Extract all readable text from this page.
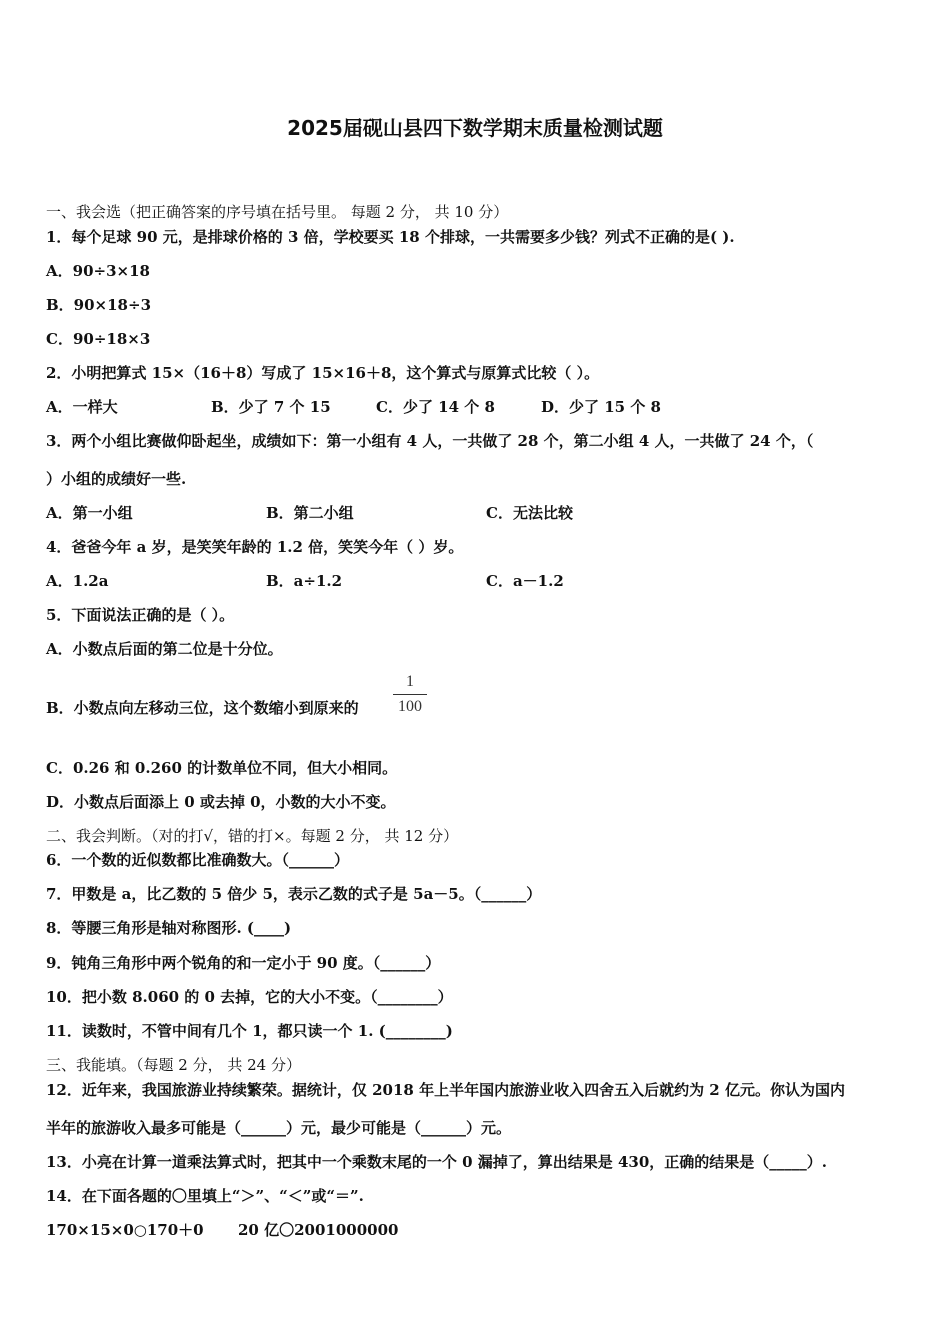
2025届砚山县四下数学期末质量检测试题
一、我会选（把正确答案的序号填在括号里。 每题 2 分， 共 10 分）
1．每个足球 90 元，是排球价格的 3 倍，学校要买 18 个排球，一共需要多少钱？列式不正确的是( ).
A．90÷3×18
B．90×18÷3
C．90÷18×3
2．小明把算式 15×（16＋8）写成了 15×16＋8，这个算式与原算式比较（ ）。
A．一样大	B．少了 7 个 15	C．少了 14 个 8	D．少了 15 个 8
3．两个小组比赛做仰卧起坐，成绩如下：第一小组有 4 人，一共做了 28 个，第二小组 4 人，一共做了 24 个，（
）小组的成绩好一些.
A．第一小组	B．第二小组	C．无法比较
4．爸爸今年 a 岁，是笑笑年龄的 1.2 倍，笑笑今年（ ）岁。
A．1.2a	B．a÷1.2	C．a－1.2
5．下面说法正确的是（ ）。
A．小数点后面的第二位是十分位。
B．小数点向左移动三位，这个数缩小到原来的
1
100
C．0.26 和 0.260 的计数单位不同，但大小相同。
D．小数点后面添上 0 或去掉 0，小数的大小不变。
二、我会判断。（对的打√，错的打×。每题 2 分， 共 12 分）
6．一个数的近似数都比准确数大。（______）
7．甲数是 a，比乙数的 5 倍少 5，表示乙数的式子是 5a－5。（______）
8．等腰三角形是轴对称图形. (____)
9．钝角三角形中两个锐角的和一定小于 90 度。（______）
10．把小数 8.060 的 0 去掉，它的大小不变。（________）
11．读数时，不管中间有几个 1，都只读一个 1. (________)
三、我能填。（每题 2 分， 共 24 分）
12．近年来，我国旅游业持续繁荣。据统计，仅 2018 年上半年国内旅游业收入四舍五入后就约为 2 亿元。你认为国内
半年的旅游收入最多可能是（______）元，最少可能是（______）元。
13．小亮在计算一道乘法算式时，把其中一个乘数末尾的一个 0 漏掉了，算出结果是 430，正确的结果是（_____）.
14．在下面各题的〇里填上“＞”、“＜”或“＝”.
170×15×0○170＋0 20 亿〇2001000000
